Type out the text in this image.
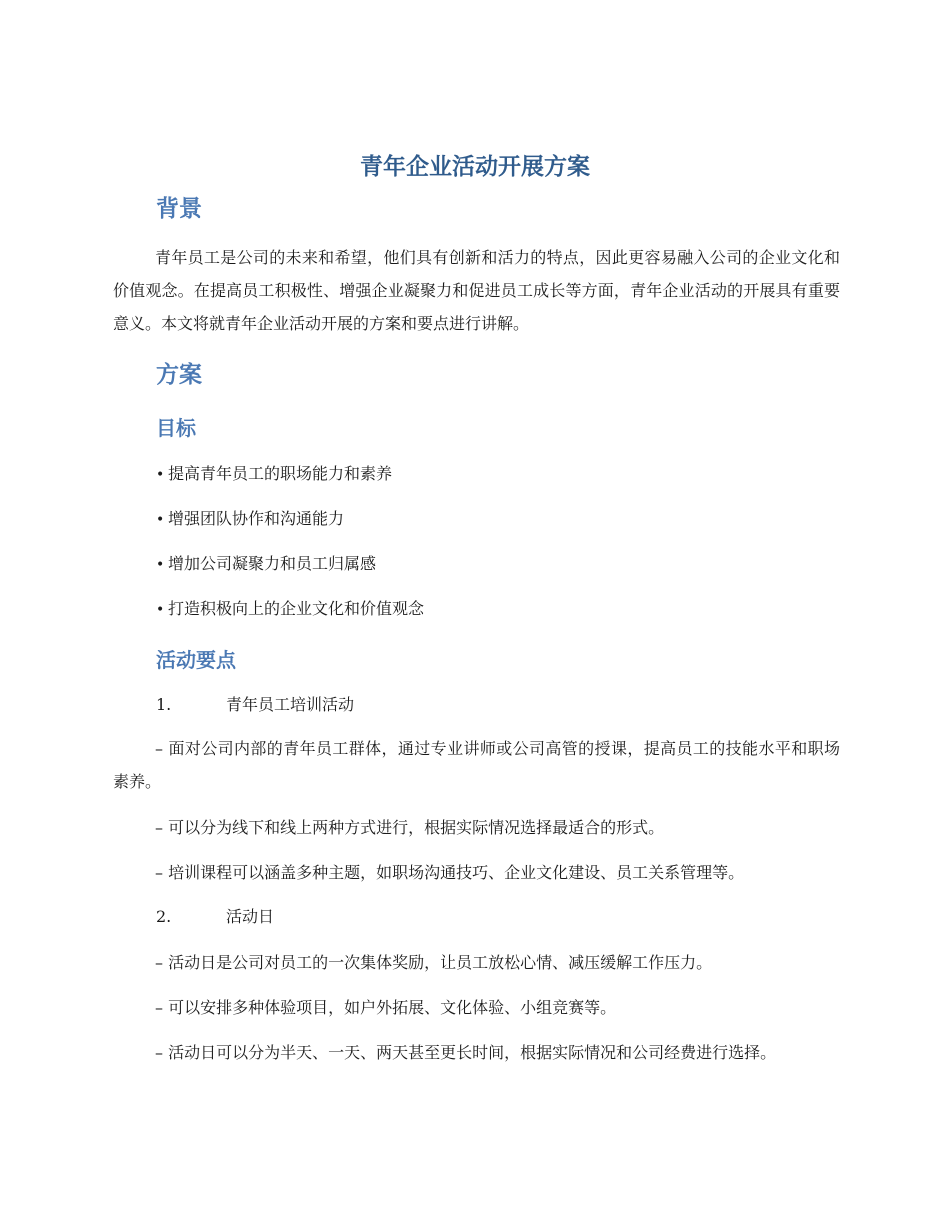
青年企业活动开展方案
背景

青年员工是公司的未来和希望，他们具有创新和活力的特点，因此更容易融入公司的企业文化和价值观念。在提高员工积极性、增强企业凝聚力和促进员工成长等方面，青年企业活动的开展具有重要意义。本文将就青年企业活动开展的方案和要点进行讲解。

方案
目标

• 提高青年员工的职场能力和素养

• 增强团队协作和沟通能力

• 增加公司凝聚力和员工归属感

• 打造积极向上的企业文化和价值观念

活动要点

1.	青年员工培训活动

– 面对公司内部的青年员工群体，通过专业讲师或公司高管的授课，提高员工的技能水平和职场素养。

– 可以分为线下和线上两种方式进行，根据实际情况选择最适合的形式。

– 培训课程可以涵盖多种主题，如职场沟通技巧、企业文化建设、员工关系管理等。

2.	活动日

– 活动日是公司对员工的一次集体奖励，让员工放松心情、减压缓解工作压力。

– 可以安排多种体验项目，如户外拓展、文化体验、小组竞赛等。

– 活动日可以分为半天、一天、两天甚至更长时间，根据实际情况和公司经费进行选择。
